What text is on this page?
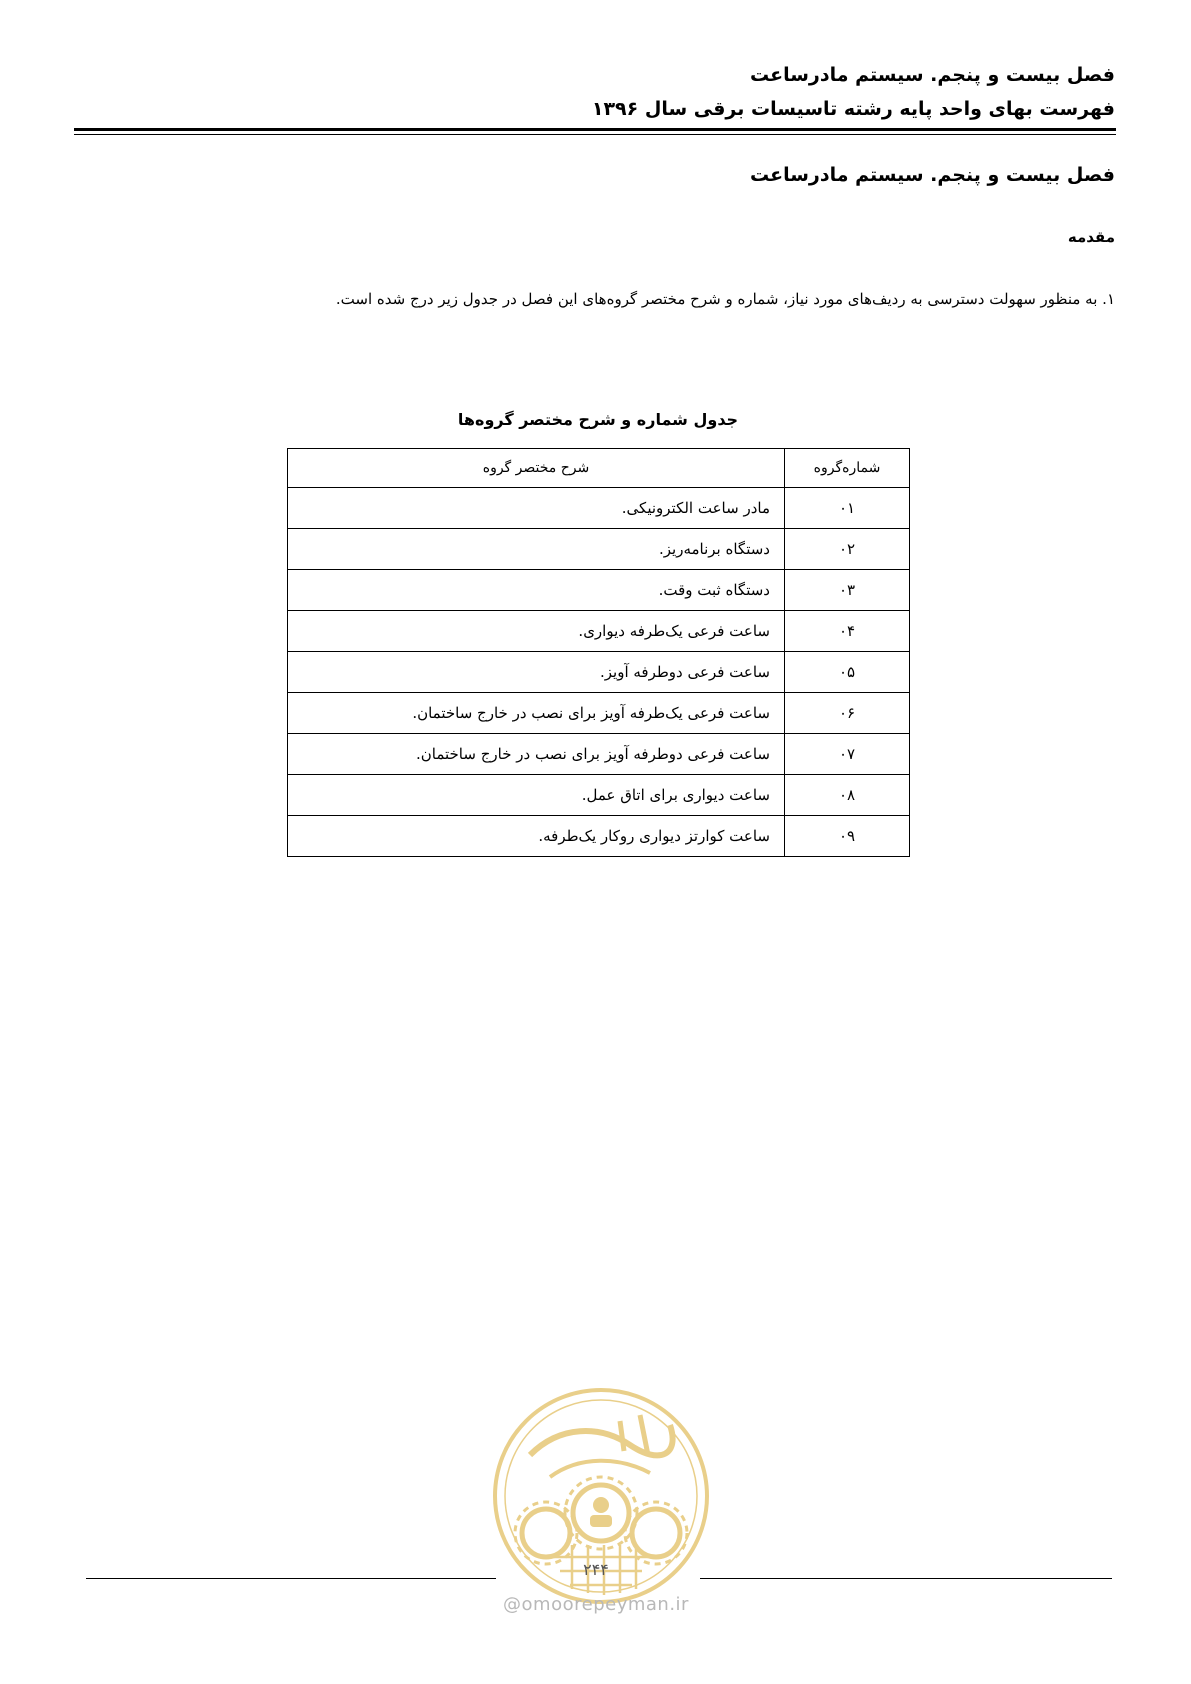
فصل بیست و پنجم. سیستم مادرساعت
فهرست بهای واحد پایه رشته تاسیسات برقی سال ۱۳۹۶
فصل بیست و پنجم. سیستم مادرساعت
مقدمه
۱. به منظور سهولت دسترسی به ردیف‌های مورد نیاز، شماره و شرح مختصر گروه‌های این فصل در جدول زیر درج شده است.
جدول شماره و شرح مختصر گروه‌ها
شماره‌گروه	شرح مختصر گروه
۰۱	مادر ساعت الکترونیکی.
۰۲	دستگاه برنامه‌ریز.
۰۳	دستگاه ثبت وقت.
۰۴	ساعت فرعی یک‌طرفه دیواری.
۰۵	ساعت فرعی دوطرفه آویز.
۰۶	ساعت فرعی یک‌طرفه آویز برای نصب در خارج ساختمان.
۰۷	ساعت فرعی دوطرفه آویز برای نصب در خارج ساختمان.
۰۸	ساعت دیواری برای اتاق عمل.
۰۹	ساعت کوارتز دیواری روکار یک‌طرفه.
۲۴۴
@omoorepeyman.ir
